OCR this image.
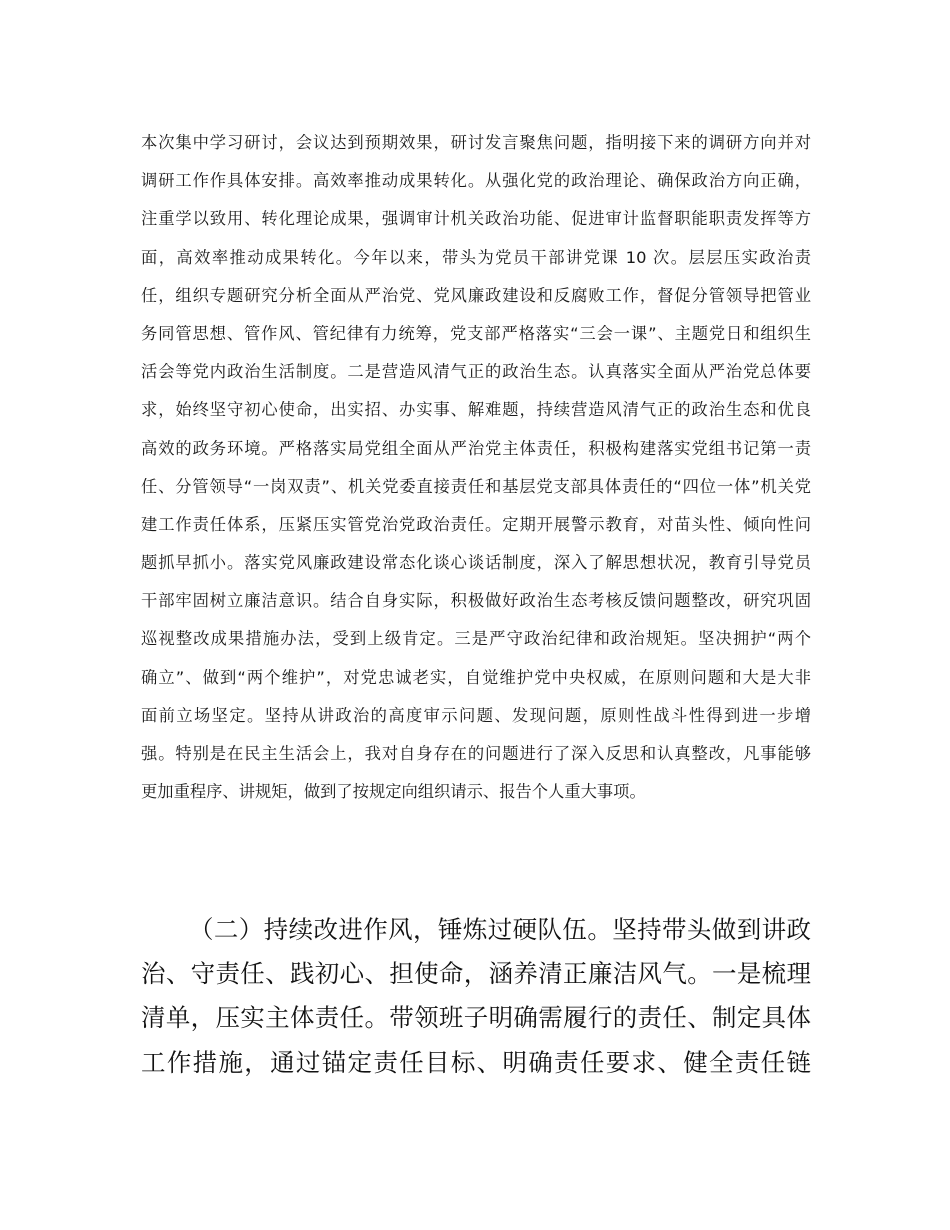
本次集中学习研讨，会议达到预期效果，研讨发言聚焦问题，指明接下来的调研方向并对
调研工作作具体安排。高效率推动成果转化。从强化党的政治理论、确保政治方向正确，
注重学以致用、转化理论成果，强调审计机关政治功能、促进审计监督职能职责发挥等方
面，高效率推动成果转化。今年以来，带头为党员干部讲党课 10 次。层层压实政治责
任，组织专题研究分析全面从严治党、党风廉政建设和反腐败工作，督促分管领导把管业
务同管思想、管作风、管纪律有力统筹，党支部严格落实“三会一课”、主题党日和组织生
活会等党内政治生活制度。二是营造风清气正的政治生态。认真落实全面从严治党总体要
求，始终坚守初心使命，出实招、办实事、解难题，持续营造风清气正的政治生态和优良
高效的政务环境。严格落实局党组全面从严治党主体责任，积极构建落实党组书记第一责
任、分管领导“一岗双责”、机关党委直接责任和基层党支部具体责任的“四位一体”机关党
建工作责任体系，压紧压实管党治党政治责任。定期开展警示教育，对苗头性、倾向性问
题抓早抓小。落实党风廉政建设常态化谈心谈话制度，深入了解思想状况，教育引导党员
干部牢固树立廉洁意识。结合自身实际，积极做好政治生态考核反馈问题整改，研究巩固
巡视整改成果措施办法，受到上级肯定。三是严守政治纪律和政治规矩。坚决拥护“两个
确立”、做到“两个维护”，对党忠诚老实，自觉维护党中央权威，在原则问题和大是大非
面前立场坚定。坚持从讲政治的高度审示问题、发现问题，原则性战斗性得到进一步增
强。特别是在民主生活会上，我对自身存在的问题进行了深入反思和认真整改，凡事能够
更加重程序、讲规矩，做到了按规定向组织请示、报告个人重大事项。
（二）持续改进作风，锤炼过硬队伍。坚持带头做到讲政
治、守责任、践初心、担使命，涵养清正廉洁风气。一是梳理
清单，压实主体责任。带领班子明确需履行的责任、制定具体
工作措施，通过锚定责任目标、明确责任要求、健全责任链
